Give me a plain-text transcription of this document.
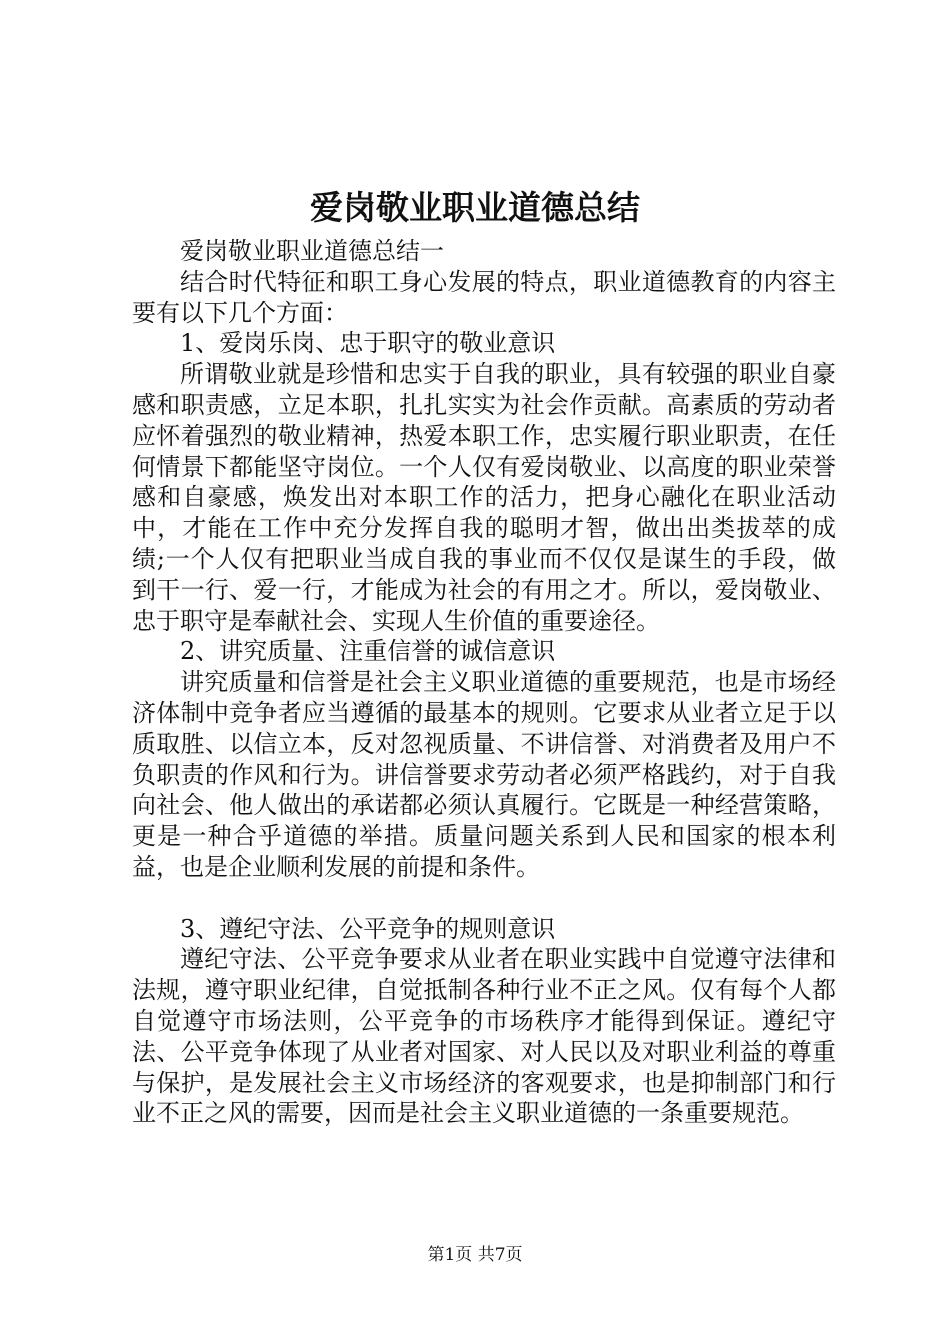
爱岗敬业职业道德总结

爱岗敬业职业道德总结一

结合时代特征和职工身心发展的特点，职业道德教育的内容主要有以下几个方面：

1、爱岗乐岗、忠于职守的敬业意识

所谓敬业就是珍惜和忠实于自我的职业，具有较强的职业自豪感和职责感，立足本职，扎扎实实为社会作贡献。高素质的劳动者应怀着强烈的敬业精神，热爱本职工作，忠实履行职业职责，在任何情景下都能坚守岗位。一个人仅有爱岗敬业、以高度的职业荣誉感和自豪感，焕发出对本职工作的活力，把身心融化在职业活动中，才能在工作中充分发挥自我的聪明才智，做出出类拔萃的成绩;一个人仅有把职业当成自我的事业而不仅仅是谋生的手段，做到干一行、爱一行，才能成为社会的有用之才。所以，爱岗敬业、忠于职守是奉献社会、实现人生价值的重要途径。

2、讲究质量、注重信誉的诚信意识

讲究质量和信誉是社会主义职业道德的重要规范，也是市场经济体制中竞争者应当遵循的最基本的规则。它要求从业者立足于以质取胜、以信立本，反对忽视质量、不讲信誉、对消费者及用户不负职责的作风和行为。讲信誉要求劳动者必须严格践约，对于自我向社会、他人做出的承诺都必须认真履行。它既是一种经营策略，更是一种合乎道德的举措。质量问题关系到人民和国家的根本利益，也是企业顺利发展的前提和条件。

3、遵纪守法、公平竞争的规则意识

遵纪守法、公平竞争要求从业者在职业实践中自觉遵守法律和法规，遵守职业纪律，自觉抵制各种行业不正之风。仅有每个人都自觉遵守市场法则，公平竞争的市场秩序才能得到保证。遵纪守法、公平竞争体现了从业者对国家、对人民以及对职业利益的尊重与保护，是发展社会主义市场经济的客观要求，也是抑制部门和行业不正之风的需要，因而是社会主义职业道德的一条重要规范。

第1页 共7页
